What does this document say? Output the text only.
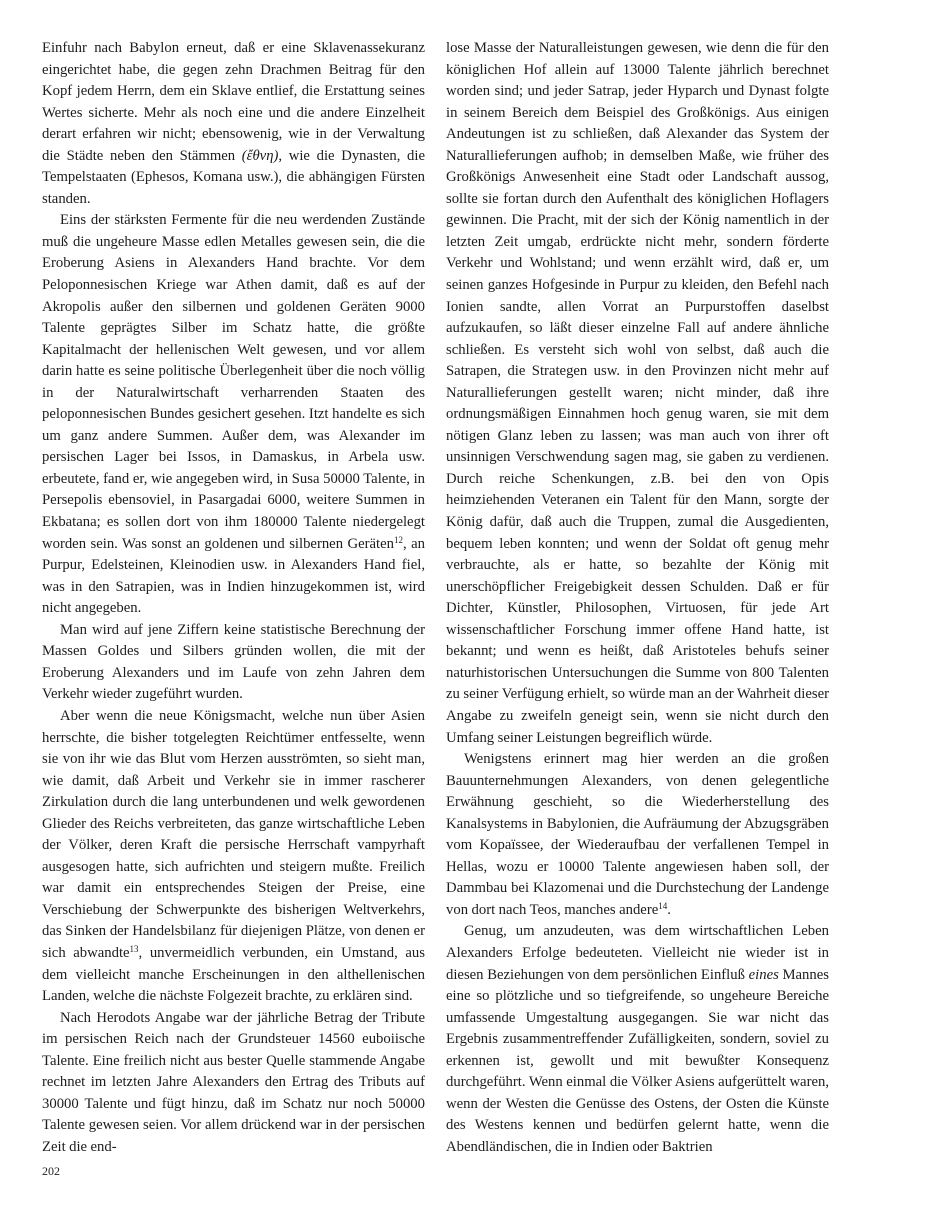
Einfuhr nach Babylon erneut, daß er eine Sklavenassekuranz eingerichtet habe, die gegen zehn Drachmen Beitrag für den Kopf jedem Herrn, dem ein Sklave entlief, die Erstattung seines Wertes sicherte. Mehr als noch eine und die andere Einzelheit derart erfahren wir nicht; ebensowenig, wie in der Verwaltung die Städte neben den Stämmen (ἔθνη), wie die Dynasten, die Tempelstaaten (Ephesos, Komana usw.), die abhängigen Fürsten standen.

Eins der stärksten Fermente für die neu werdenden Zustände muß die ungeheure Masse edlen Metalles gewesen sein, die die Eroberung Asiens in Alexanders Hand brachte. Vor dem Peloponnesischen Kriege war Athen damit, daß es auf der Akropolis außer den silbernen und goldenen Geräten 9000 Talente geprägtes Silber im Schatz hatte, die größte Kapitalmacht der hellenischen Welt gewesen, und vor allem darin hatte es seine politische Überlegenheit über die noch völlig in der Naturalwirtschaft verharrenden Staaten des peloponnesischen Bundes gesichert gesehen. Itzt handelte es sich um ganz andere Summen. Außer dem, was Alexander im persischen Lager bei Issos, in Damaskus, in Arbela usw. erbeutete, fand er, wie angegeben wird, in Susa 50000 Talente, in Persepolis ebensoviel, in Pasargadai 6000, weitere Summen in Ekbatana; es sollen dort von ihm 180000 Talente niedergelegt worden sein. Was sonst an goldenen und silbernen Geräten$^{12}$, an Purpur, Edelsteinen, Kleinodien usw. in Alexanders Hand fiel, was in den Satrapien, was in Indien hinzugekommen ist, wird nicht angegeben.

Man wird auf jene Ziffern keine statistische Berechnung der Massen Goldes und Silbers gründen wollen, die mit der Eroberung Alexanders und im Laufe von zehn Jahren dem Verkehr wieder zugeführt wurden.

Aber wenn die neue Königsmacht, welche nun über Asien herrschte, die bisher totgelegten Reichtümer entfesselte, wenn sie von ihr wie das Blut vom Herzen ausströmten, so sieht man, wie damit, daß Arbeit und Verkehr sie in immer rascherer Zirkulation durch die lang unterbundenen und welk gewordenen Glieder des Reichs verbreiteten, das ganze wirtschaftliche Leben der Völker, deren Kraft die persische Herrschaft vampyrhaft ausgesogen hatte, sich aufrichten und steigern mußte. Freilich war damit ein entsprechendes Steigen der Preise, eine Verschiebung der Schwerpunkte des bisherigen Weltverkehrs, das Sinken der Handelsbilanz für diejenigen Plätze, von denen er sich abwandte$^{13}$, unvermeidlich verbunden, ein Umstand, aus dem vielleicht manche Erscheinungen in den althellenischen Landen, welche die nächste Folgezeit brachte, zu erklären sind.

Nach Herodots Angabe war der jährliche Betrag der Tribute im persischen Reich nach der Grundsteuer 14560 euboiische Talente. Eine freilich nicht aus bester Quelle stammende Angabe rechnet im letzten Jahre Alexanders den Ertrag des Tributs auf 30000 Talente und fügt hinzu, daß im Schatz nur noch 50000 Talente gewesen seien. Vor allem drückend war in der persischen Zeit die end-

lose Masse der Naturalleistungen gewesen, wie denn die für den königlichen Hof allein auf 13000 Talente jährlich berechnet worden sind; und jeder Satrap, jeder Hyparch und Dynast folgte in seinem Bereich dem Beispiel des Großkönigs. Aus einigen Andeutungen ist zu schließen, daß Alexander das System der Naturallieferungen aufhob; in demselben Maße, wie früher des Großkönigs Anwesenheit eine Stadt oder Landschaft aussog, sollte sie fortan durch den Aufenthalt des königlichen Hoflagers gewinnen. Die Pracht, mit der sich der König namentlich in der letzten Zeit umgab, erdrückte nicht mehr, sondern förderte Verkehr und Wohlstand; und wenn erzählt wird, daß er, um seinen ganzes Hofgesinde in Purpur zu kleiden, den Befehl nach Ionien sandte, allen Vorrat an Purpurstoffen daselbst aufzukaufen, so läßt dieser einzelne Fall auf andere ähnliche schließen. Es versteht sich wohl von selbst, daß auch die Satrapen, die Strategen usw. in den Provinzen nicht mehr auf Naturallieferungen gestellt waren; nicht minder, daß ihre ordnungsmäßigen Einnahmen hoch genug waren, sie mit dem nötigen Glanz leben zu lassen; was man auch von ihrer oft unsinnigen Verschwendung sagen mag, sie gaben zu verdienen. Durch reiche Schenkungen, z.B. bei den von Opis heimziehenden Veteranen ein Talent für den Mann, sorgte der König dafür, daß auch die Truppen, zumal die Ausgedienten, bequem leben konnten; und wenn der Soldat oft genug mehr verbrauchte, als er hatte, so bezahlte der König mit unerschöpflicher Freigebigkeit dessen Schulden. Daß er für Dichter, Künstler, Philosophen, Virtuosen, für jede Art wissenschaftlicher Forschung immer offene Hand hatte, ist bekannt; und wenn es heißt, daß Aristoteles behufs seiner naturhistorischen Untersuchungen die Summe von 800 Talenten zu seiner Verfügung erhielt, so würde man an der Wahrheit dieser Angabe zu zweifeln geneigt sein, wenn sie nicht durch den Umfang seiner Leistungen begreiflich würde.

Wenigstens erinnert mag hier werden an die großen Bauunternehmungen Alexanders, von denen gelegentliche Erwähnung geschieht, so die Wiederherstellung des Kanalsystems in Babylonien, die Aufräumung der Abzugsgräben vom Kopaïssee, der Wiederaufbau der verfallenen Tempel in Hellas, wozu er 10000 Talente angewiesen haben soll, der Dammbau bei Klazomenai und die Durchstechung der Landenge von dort nach Teos, manches andere$^{14}$.

Genug, um anzudeuten, was dem wirtschaftlichen Leben Alexanders Erfolge bedeuteten. Vielleicht nie wieder ist in diesen Beziehungen von dem persönlichen Einfluß eines Mannes eine so plötzliche und so tiefgreifende, so ungeheure Bereiche umfassende Umgestaltung ausgegangen. Sie war nicht das Ergebnis zusammentreffender Zufälligkeiten, sondern, soviel zu erkennen ist, gewollt und mit bewußter Konsequenz durchgeführt. Wenn einmal die Völker Asiens aufgerüttelt waren, wenn der Westen die Genüsse des Ostens, der Osten die Künste des Westens kennen und bedürfen gelernt hatte, wenn die Abendländischen, die in Indien oder Baktrien

202
